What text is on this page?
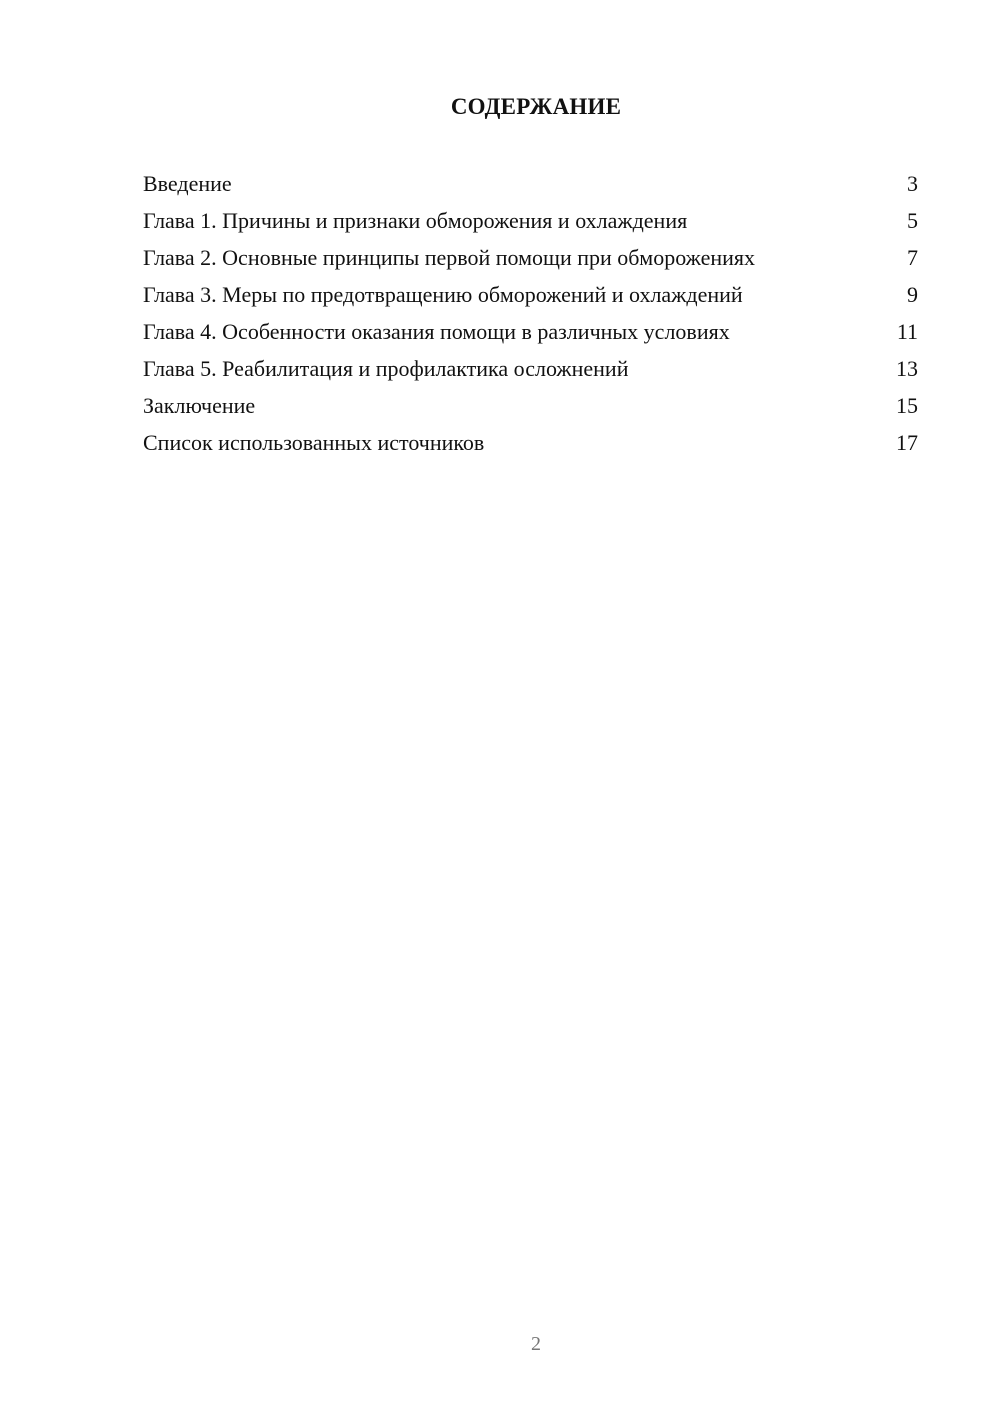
СОДЕРЖАНИЕ
Введение	3
Глава 1. Причины и признаки обморожения и охлаждения	5
Глава 2. Основные принципы первой помощи при обморожениях	7
Глава 3. Меры по предотвращению обморожений и охлаждений	9
Глава 4. Особенности оказания помощи в различных условиях	11
Глава 5. Реабилитация и профилактика осложнений	13
Заключение	15
Список использованных источников	17
2
